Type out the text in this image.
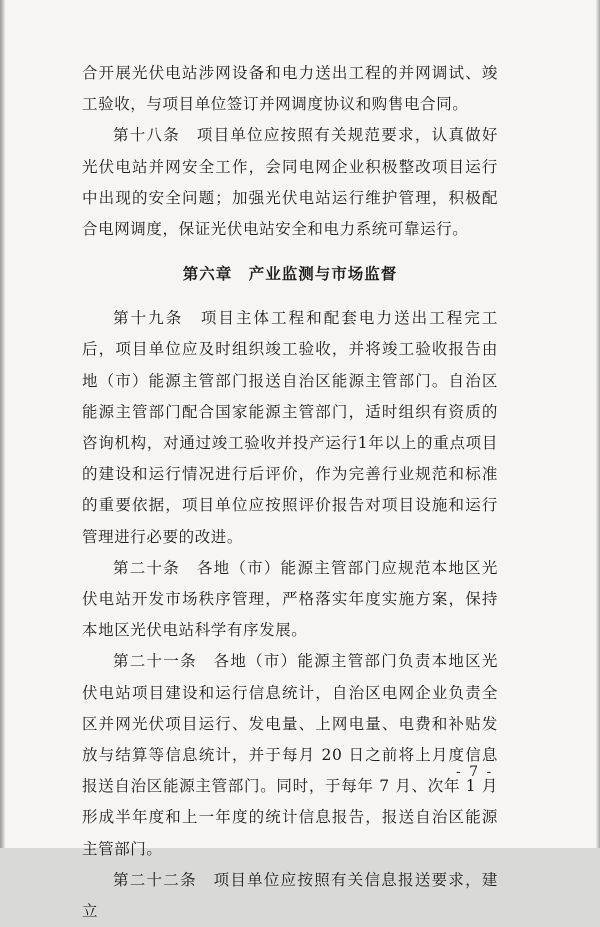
合开展光伏电站涉网设备和电力送出工程的并网调试、竣工验收，与项目单位签订并网调度协议和购售电合同。

第十八条　项目单位应按照有关规范要求，认真做好光伏电站并网安全工作，会同电网企业积极整改项目运行中出现的安全问题；加强光伏电站运行维护管理，积极配合电网调度，保证光伏电站安全和电力系统可靠运行。

第六章　产业监测与市场监督

第十九条　项目主体工程和配套电力送出工程完工后，项目单位应及时组织竣工验收，并将竣工验收报告由地（市）能源主管部门报送自治区能源主管部门。自治区能源主管部门配合国家能源主管部门，适时组织有资质的咨询机构，对通过竣工验收并投产运行1年以上的重点项目的建设和运行情况进行后评价，作为完善行业规范和标准的重要依据，项目单位应按照评价报告对项目设施和运行管理进行必要的改进。

第二十条　各地（市）能源主管部门应规范本地区光伏电站开发市场秩序管理，严格落实年度实施方案，保持本地区光伏电站科学有序发展。

第二十一条　各地（市）能源主管部门负责本地区光伏电站项目建设和运行信息统计，自治区电网企业负责全区并网光伏项目运行、发电量、上网电量、电费和补贴发放与结算等信息统计，并于每月 20 日之前将上月度信息报送自治区能源主管部门。同时，于每年 7 月、次年 1 月形成半年度和上一年度的统计信息报告，报送自治区能源主管部门。

第二十二条　项目单位应按照有关信息报送要求，建立

- 7 -
